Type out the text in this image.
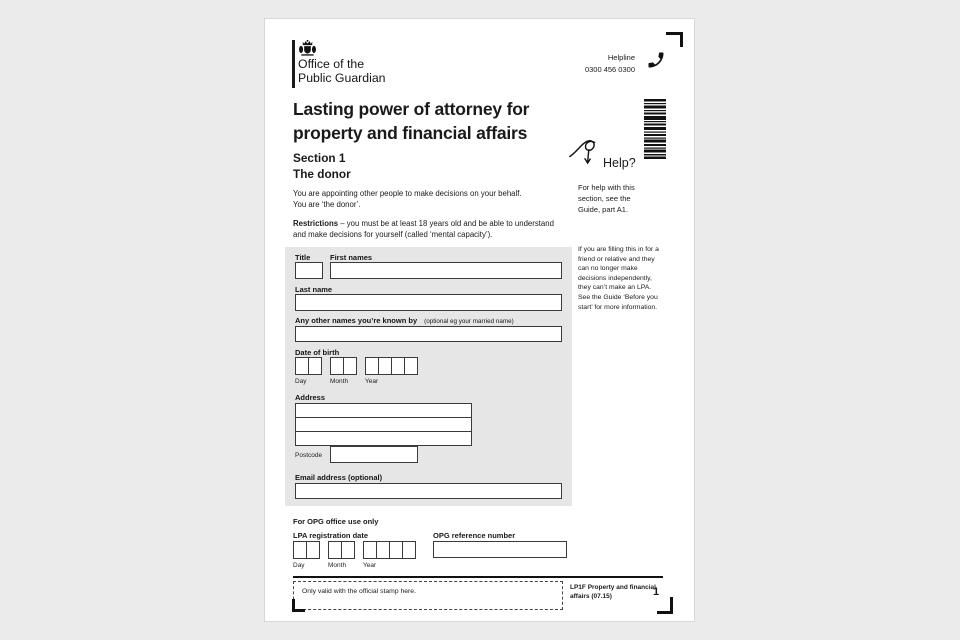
Office of the
Public Guardian
Helpline
0300 456 0300
Lasting power of attorney for
property and financial affairs
Section 1
The donor
You are appointing other people to make decisions on your behalf.
You are ‘the donor’.

Restrictions – you must be at least 18 years old and be able to understand and make decisions for yourself (called ‘mental capacity’).

Help?
For help with this section, see the Guide, part A1.
If you are filling this in for a friend or relative and they can no longer make decisions independently, they can’t make an LPA. See the Guide ‘Before you start’ for more information.
Title	First names
Last name
Any other names you’re known by (optional eg your married name)
Date of birth
Day	Month	Year
Address
Postcode
Email address (optional)
For OPG office use only
LPA registration date
Day	Month	Year
OPG reference number
Only valid with the official stamp here.
LP1F Property and financial
affairs (07.15)	1
